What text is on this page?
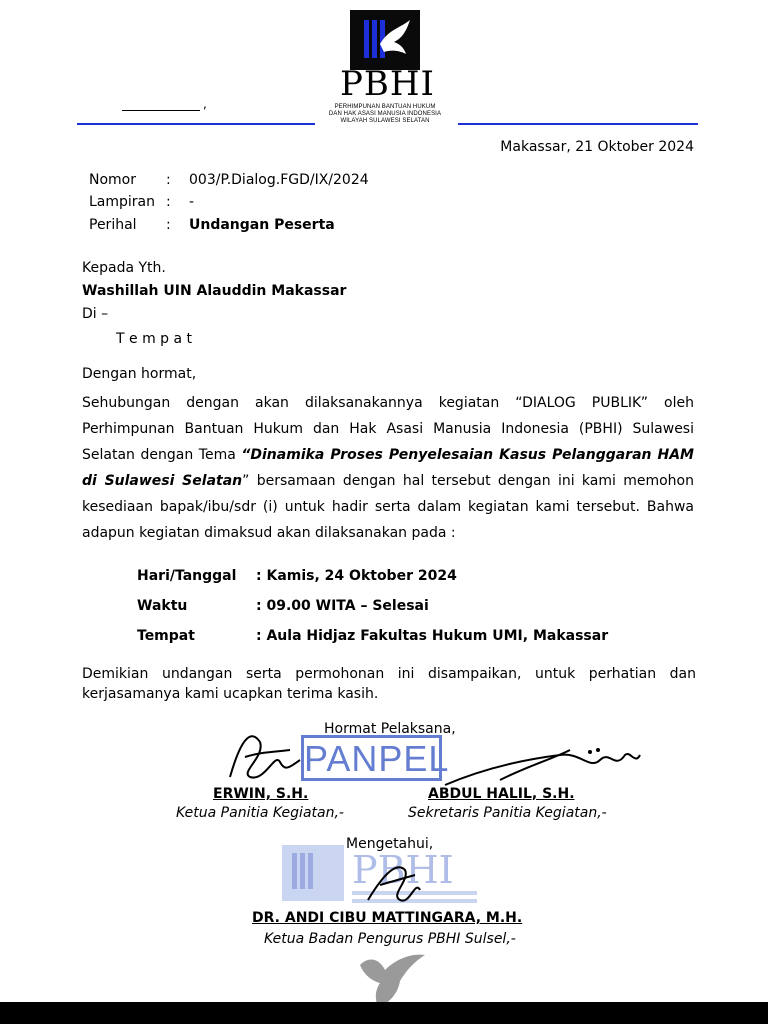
PBHI
PERHIMPUNAN BANTUAN HUKUM
DAN HAK ASASI MANUSIA INDONESIA
WILAYAH SULAWESI SELATAN
,
Makassar, 21 Oktober 2024
Nomor : 003/P.Dialog.FGD/IX/2024
Lampiran : -
Perihal : Undangan Peserta
Kepada Yth.
Washillah UIN Alauddin Makassar
Di –
T e m p a t
Dengan hormat,

Sehubungan dengan akan dilaksanakannya kegiatan “DIALOG PUBLIK” oleh Perhimpunan Bantuan Hukum dan Hak Asasi Manusia Indonesia (PBHI) Sulawesi Selatan dengan Tema “Dinamika Proses Penyelesaian Kasus Pelanggaran HAM di Sulawesi Selatan” bersamaan dengan hal tersebut dengan ini kami memohon kesediaan bapak/ibu/sdr (i) untuk hadir serta dalam kegiatan kami tersebut. Bahwa adapun kegiatan dimaksud akan dilaksanakan pada :

Hari/Tanggal : Kamis, 24 Oktober 2024
Waktu	: 09.00 WITA – Selesai
Tempat	: Aula Hidjaz Fakultas Hukum UMI, Makassar
Demikian undangan serta permohonan ini disampaikan, untuk perhatian dan kerjasamanya kami ucapkan terima kasih.
Hormat Pelaksana,
PANPEL
ERWIN, S.H.
Ketua Panitia Kegiatan,-
ABDUL HALIL, S.H.
Sekretaris Panitia Kegiatan,-
PBHI
Mengetahui,
DR. ANDI CIBU MATTINGARA, M.H.
Ketua Badan Pengurus PBHI Sulsel,-
